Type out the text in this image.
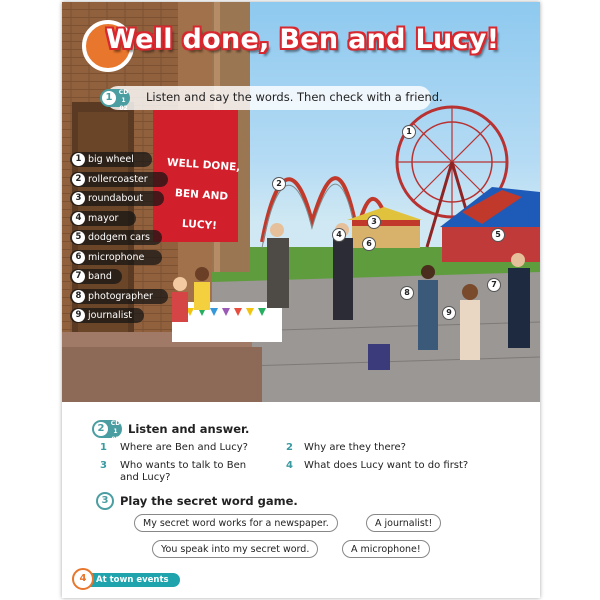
Well done, Ben and Lucy!
1	CD 1
02
Listen and say the words. Then check with a friend.
WELL DONE,
BEN AND LUCY!
1 big wheel
2 rollercoaster
3 roundabout
4 mayor
5 dodgem cars
6 microphone
7 band
8 photographer
9 journalist
1
2
3
4	5
6
7
8
9
2	CD 1
03
Listen and answer.
1 Where are Ben and Lucy?	2 Why are they there?
3 Who wants to talk to Ben and Lucy?
4 What does Lucy want to do first?
3	Play the secret word game.
My secret word works for a newspaper.	A journalist!
You speak into my secret word.	A microphone!
At town events
4
